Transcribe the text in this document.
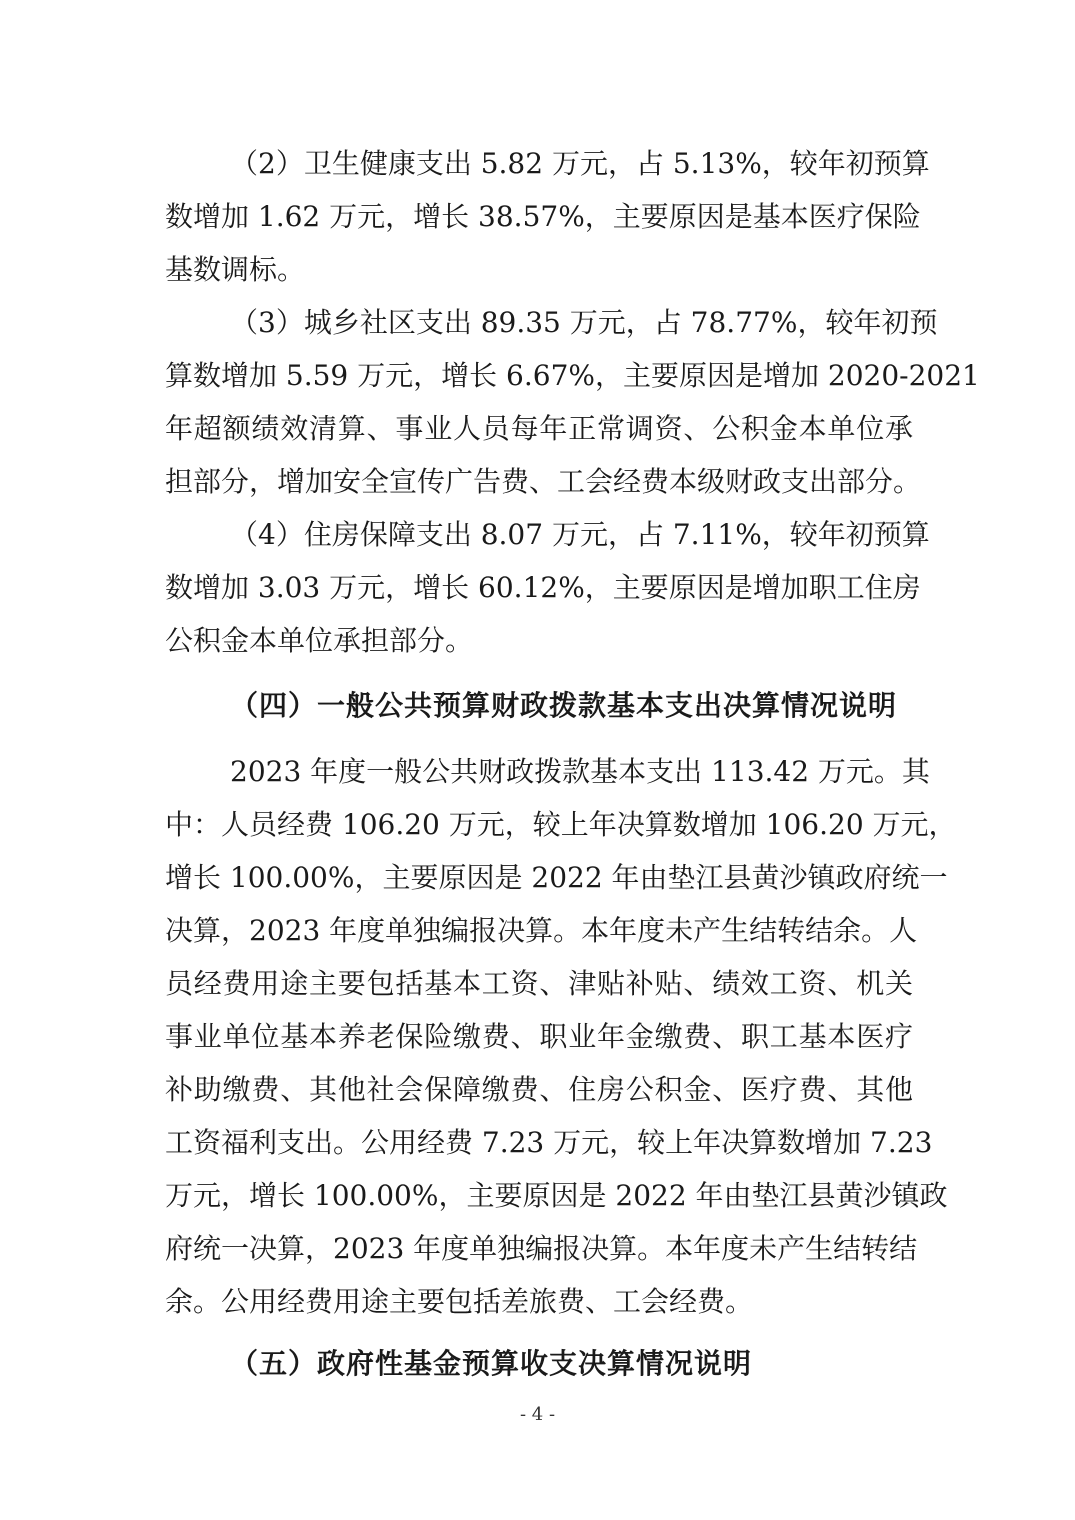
（2）卫生健康支出 5.82 万元，占 5.13%，较年初预算
数增加 1.62 万元，增长 38.57%，主要原因是基本医疗保险
基数调标。
（3）城乡社区支出 89.35 万元，占 78.77%，较年初预
算数增加 5.59 万元，增长 6.67%，主要原因是增加 2020-2021
年超额绩效清算、事业人员每年正常调资、公积金本单位承
担部分，增加安全宣传广告费、工会经费本级财政支出部分。
（4）住房保障支出 8.07 万元，占 7.11%，较年初预算
数增加 3.03 万元，增长 60.12%，主要原因是增加职工住房
公积金本单位承担部分。
（四）一般公共预算财政拨款基本支出决算情况说明
2023 年度一般公共财政拨款基本支出 113.42 万元。其
中：人员经费 106.20 万元，较上年决算数增加 106.20 万元，
增长 100.00%，主要原因是 2022 年由垫江县黄沙镇政府统一
决算，2023 年度单独编报决算。本年度未产生结转结余。人
员经费用途主要包括基本工资、津贴补贴、绩效工资、机关
事业单位基本养老保险缴费、职业年金缴费、职工基本医疗
补助缴费、其他社会保障缴费、住房公积金、医疗费、其他
工资福利支出。公用经费 7.23 万元，较上年决算数增加 7.23
万元，增长 100.00%，主要原因是 2022 年由垫江县黄沙镇政
府统一决算，2023 年度单独编报决算。本年度未产生结转结
余。公用经费用途主要包括差旅费、工会经费。
（五）政府性基金预算收支决算情况说明
- 4 -
